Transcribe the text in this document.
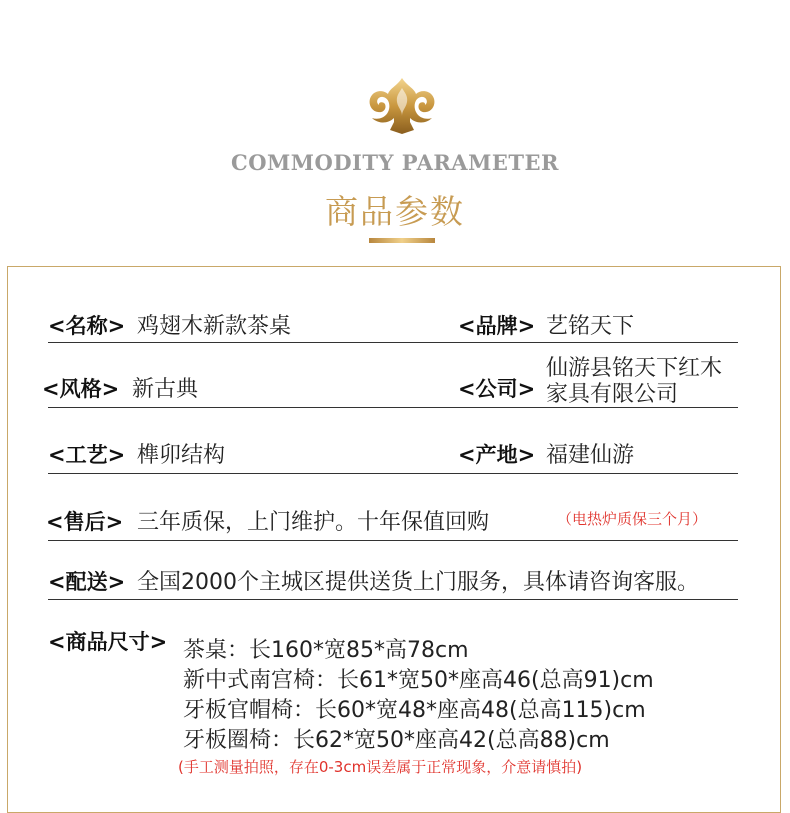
COMMODITY PARAMETER
商品参数
<名称> 鸡翅木新款茶桌	<品牌> 艺铭天下
<风格> 新古典	<公司>
仙游县铭天下红木
家具有限公司
<工艺> 榫卯结构	<产地> 福建仙游
<售后> 三年质保，上门维护。十年保值回购	（电热炉质保三个月）
<配送> 全国2000个主城区提供送货上门服务，具体请咨询客服。
<商品尺寸> 茶桌：长160*宽85*高78cm
新中式南宫椅：长61*宽50*座高46(总高91)cm
牙板官帽椅：长60*宽48*座高48(总高115)cm
牙板圈椅：长62*宽50*座高42(总高88)cm
(手工测量拍照，存在0-3cm误差属于正常现象，介意请慎拍)
